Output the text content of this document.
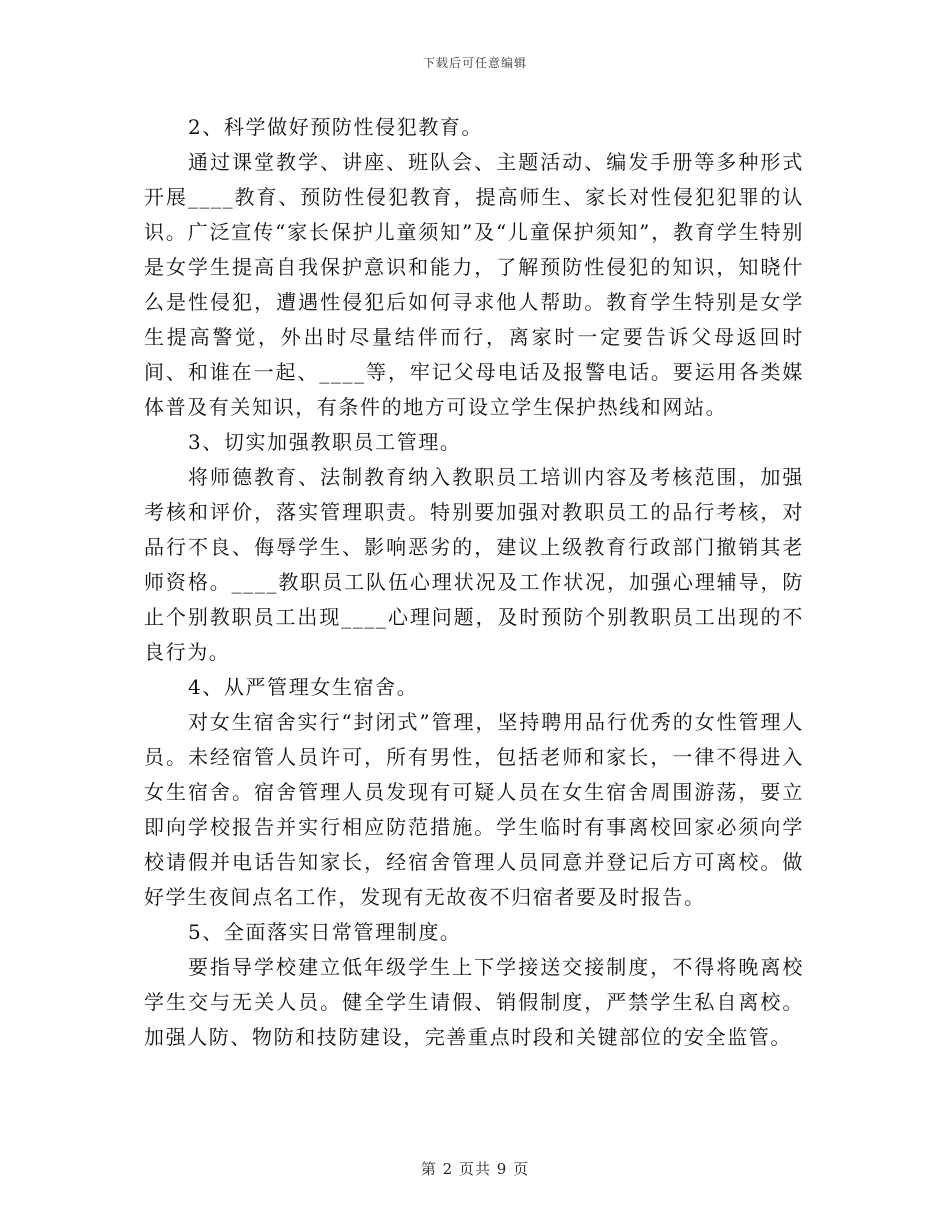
下载后可任意编辑

2、科学做好预防性侵犯教育。

通过课堂教学、讲座、班队会、主题活动、编发手册等多种形式开展____教育、预防性侵犯教育，提高师生、家长对性侵犯犯罪的认识。广泛宣传“家长保护儿童须知”及“儿童保护须知”，教育学生特别是女学生提高自我保护意识和能力，了解预防性侵犯的知识，知晓什么是性侵犯，遭遇性侵犯后如何寻求他人帮助。教育学生特别是女学生提高警觉，外出时尽量结伴而行，离家时一定要告诉父母返回时间、和谁在一起、____等，牢记父母电话及报警电话。要运用各类媒体普及有关知识，有条件的地方可设立学生保护热线和网站。

3、切实加强教职员工管理。

将师德教育、法制教育纳入教职员工培训内容及考核范围，加强考核和评价，落实管理职责。特别要加强对教职员工的品行考核，对品行不良、侮辱学生、影响恶劣的，建议上级教育行政部门撤销其老师资格。____教职员工队伍心理状况及工作状况，加强心理辅导，防止个别教职员工出现____心理问题，及时预防个别教职员工出现的不良行为。

4、从严管理女生宿舍。

对女生宿舍实行“封闭式”管理，坚持聘用品行优秀的女性管理人员。未经宿管人员许可，所有男性，包括老师和家长，一律不得进入女生宿舍。宿舍管理人员发现有可疑人员在女生宿舍周围游荡，要立即向学校报告并实行相应防范措施。学生临时有事离校回家必须向学校请假并电话告知家长，经宿舍管理人员同意并登记后方可离校。做好学生夜间点名工作，发现有无故夜不归宿者要及时报告。

5、全面落实日常管理制度。

要指导学校建立低年级学生上下学接送交接制度，不得将晚离校学生交与无关人员。健全学生请假、销假制度，严禁学生私自离校。加强人防、物防和技防建设，完善重点时段和关键部位的安全监管。

第 2 页共 9 页
